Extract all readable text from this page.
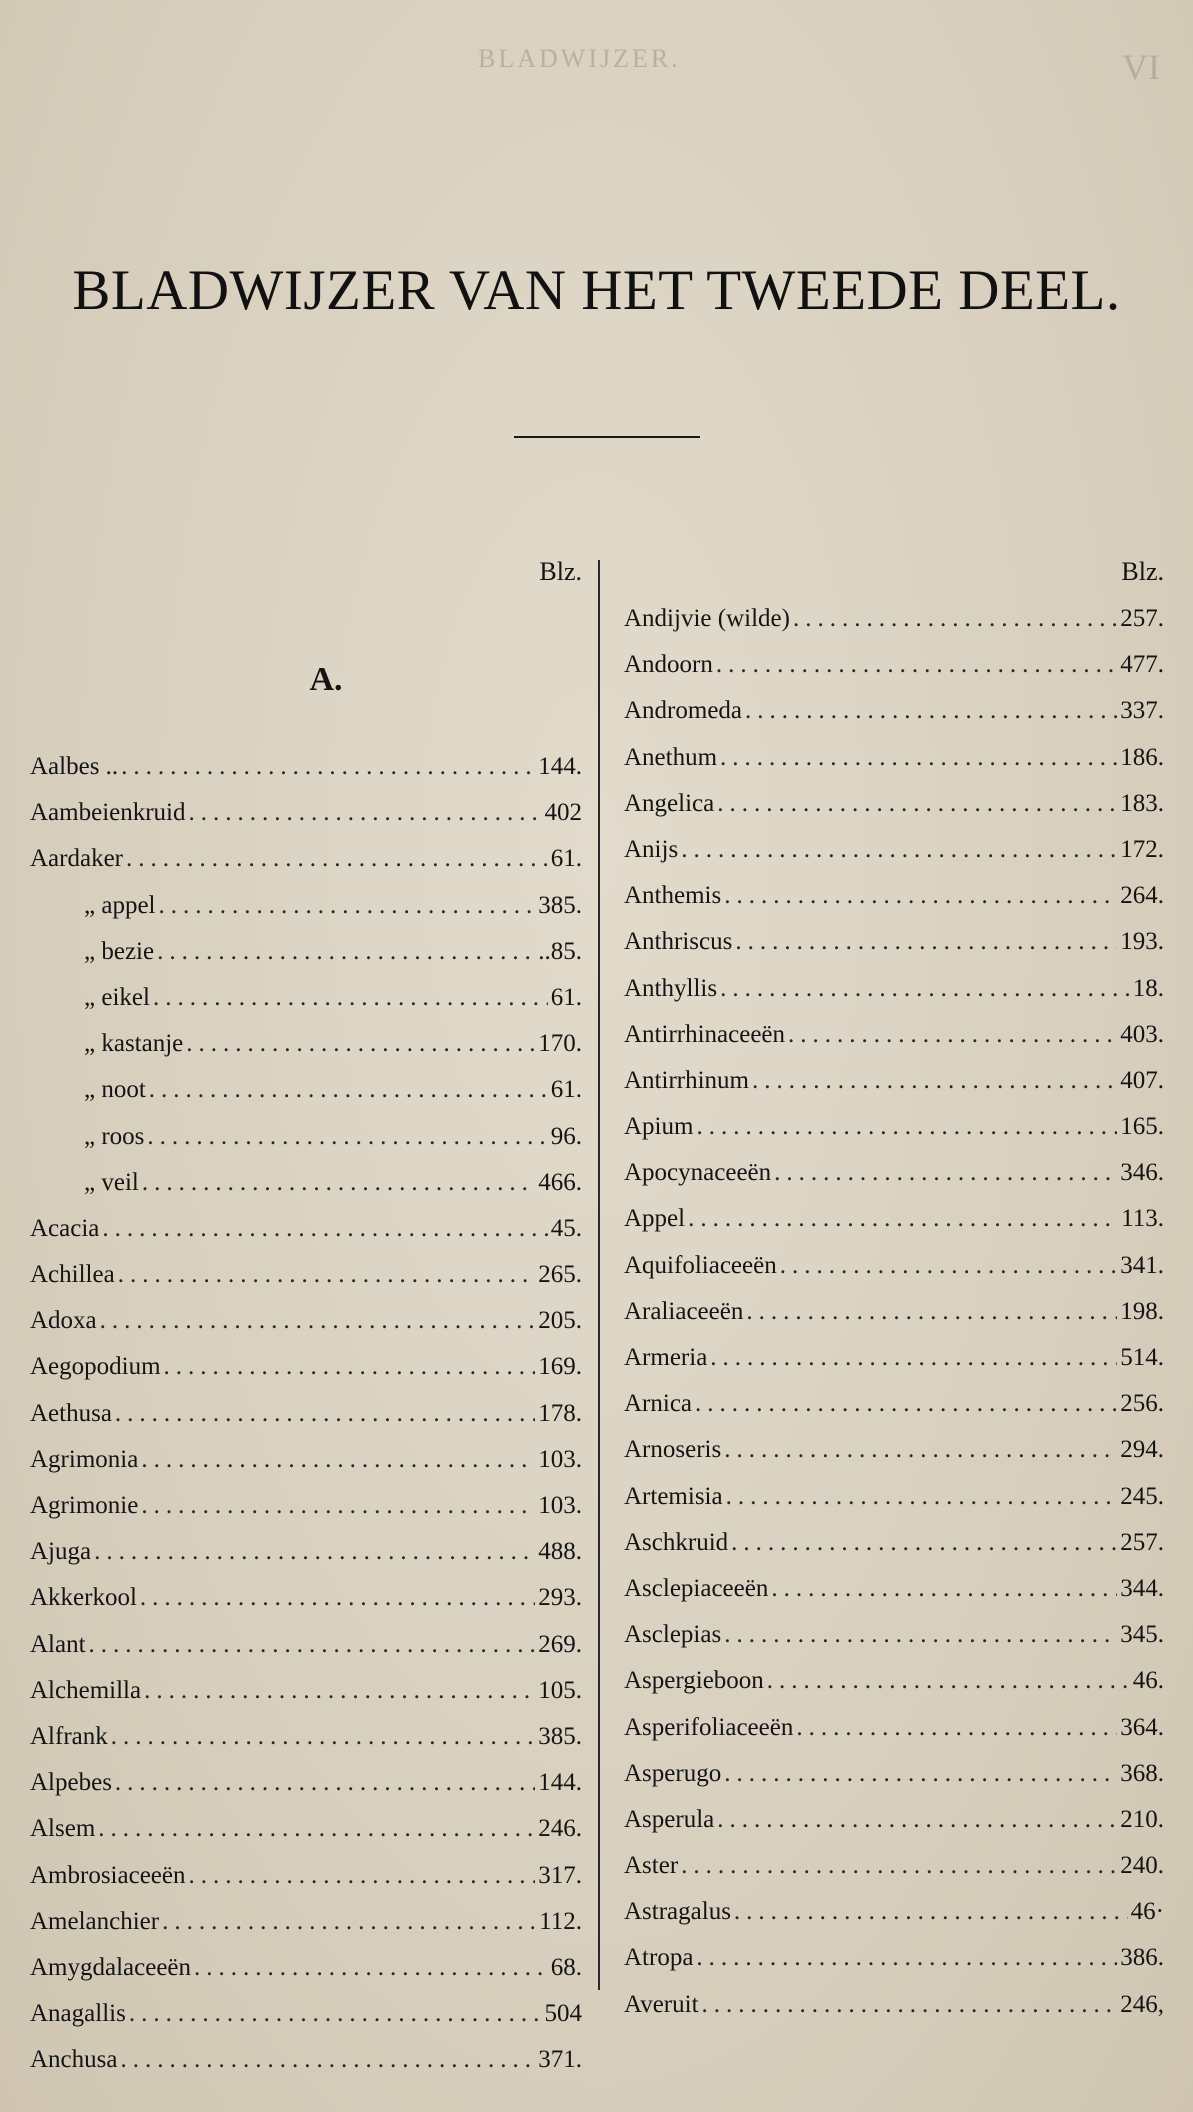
BLADWIJZER.	VI
BLADWIJZER VAN HET TWEEDE DEEL.
Blz.
A.
Aalbes .. .....	144.
Aambeienkruid .....	402
Aardaker .....	61.
„ appel .....	385.
„ bezie .....	..85.
„ eikel .....	61.
„ kastanje .....	170.
„ noot .....	61.
„ roos .....	96.
„ veil .....	466.
Acacia .....	45.
Achillea .....	265.
Adoxa .....	205.
Aegopodium .....	169.
Aethusa .....	178.
Agrimonia .....	103.
Agrimonie .....	103.
Ajuga .....	488.
Akkerkool .....	293.
Alant .....	269.
Alchemilla .....	105.
Alfrank .....	385.
Alpebes .....	144.
Alsem .....	246.
Ambrosiaceeën .....	317.
Amelanchier .....	112.
Amygdalaceeën .....	68.
Anagallis .....	504
Anchusa .....	371.
Blz.
Andijvie (wilde) .....	257.
Andoorn .....	477.
Andromeda .....	337.
Anethum .....	186.
Angelica .....	183.
Anijs .....	172.
Anthemis .....	264.
Anthriscus .....	193.
Anthyllis .....	18.
Antirrhinaceeën .....	403.
Antirrhinum .....	407.
Apium .....	165.
Apocynaceeën .....	346.
Appel .....	113.
Aquifoliaceeën .....	341.
Araliaceeën .....	198.
Armeria .....	514.
Arnica .....	256.
Arnoseris .....	294.
Artemisia .....	245.
Aschkruid .....	257.
Asclepiaceeën .....	344.
Asclepias .....	345.
Aspergieboon .....	46.
Asperifoliaceeën .....	364.
Asperugo .....	368.
Asperula .....	210.
Aster .....	240.
Astragalus .....	46·
Atropa .....	386.
Averuit .....	246,
